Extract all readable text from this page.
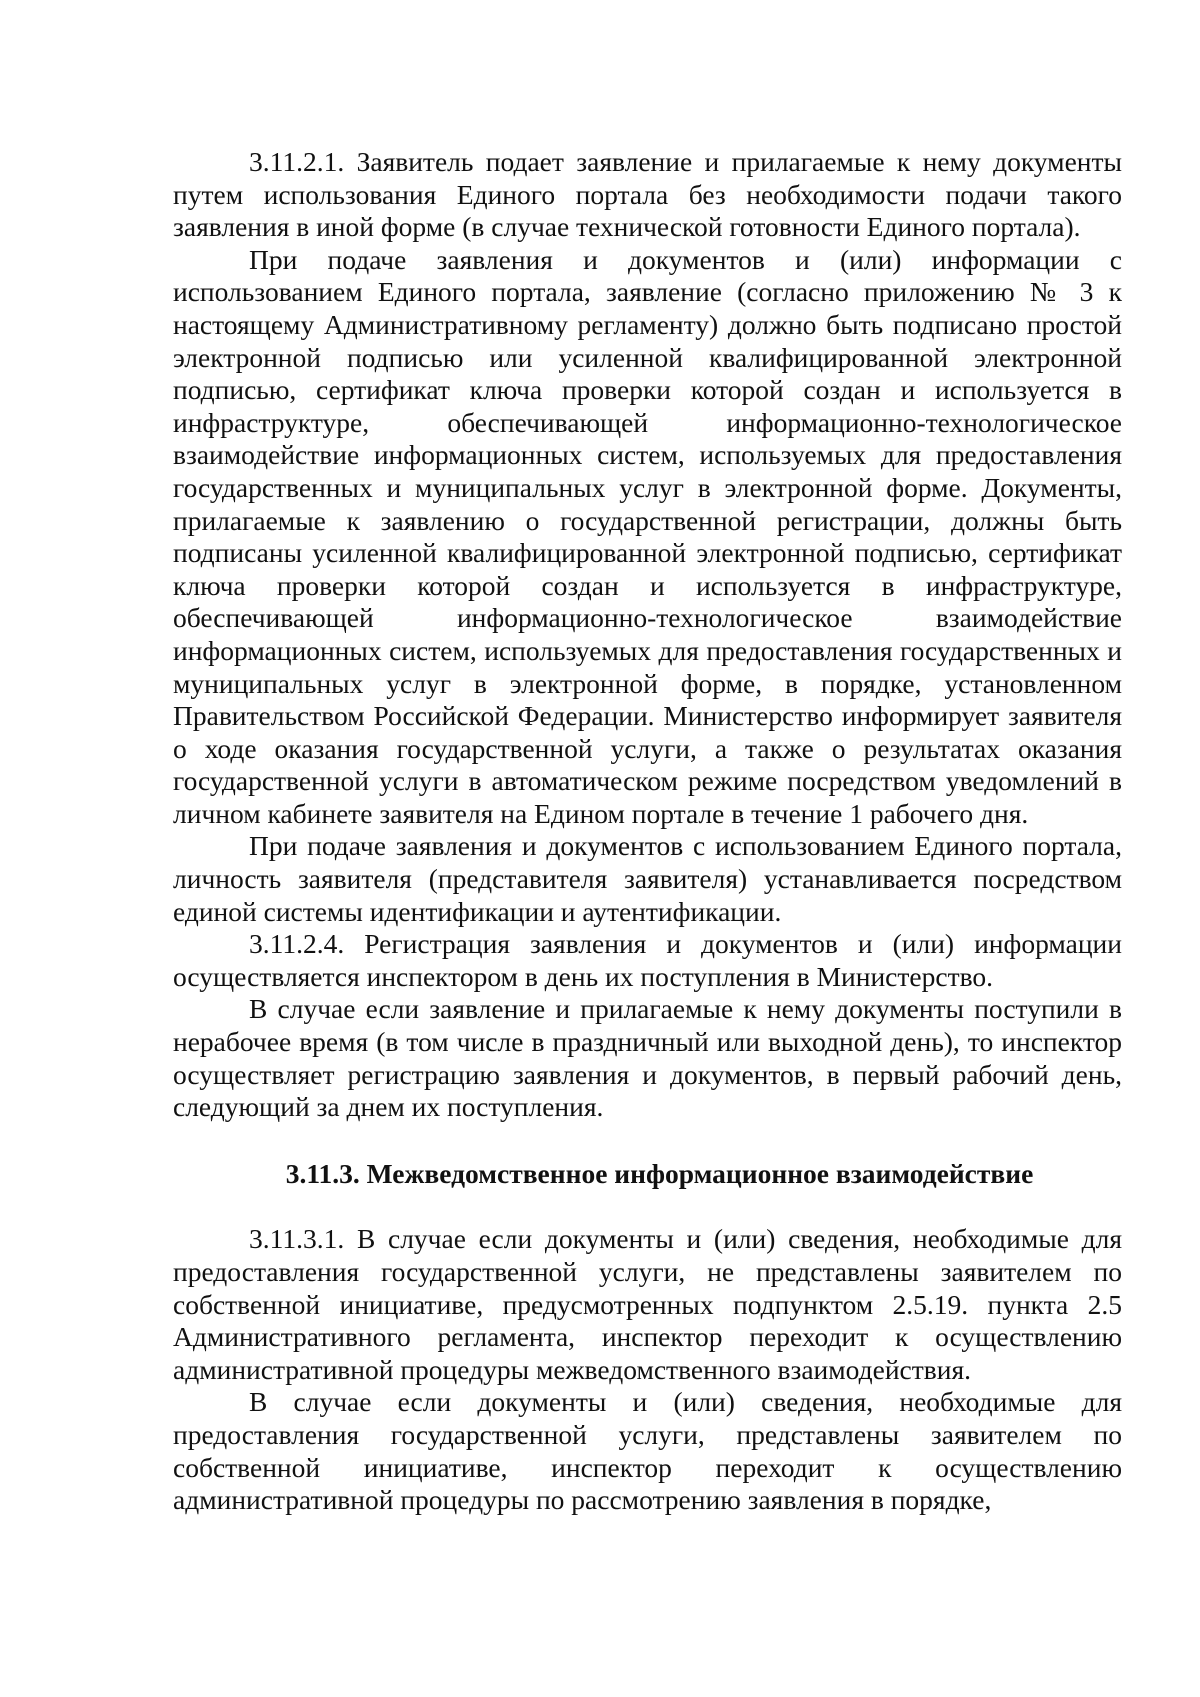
3.11.2.1. Заявитель подает заявление и прилагаемые к нему документы путем использования Единого портала без необходимости подачи такого заявления в иной форме (в случае технической готовности Единого портала).

При подаче заявления и документов и (или) информации с использованием Единого портала, заявление (согласно приложению № 3 к настоящему Административному регламенту) должно быть подписано простой электронной подписью или усиленной квалифицированной электронной подписью, сертификат ключа проверки которой создан и используется в инфраструктуре, обеспечивающей информационно-технологическое взаимодействие информационных систем, используемых для предоставления государственных и муниципальных услуг в электронной форме. Документы, прилагаемые к заявлению о государственной регистрации, должны быть подписаны усиленной квалифицированной электронной подписью, сертификат ключа проверки которой создан и используется в инфраструктуре, обеспечивающей информационно-технологическое взаимодействие информационных систем, используемых для предоставления государственных и муниципальных услуг в электронной форме, в порядке, установленном Правительством Российской Федерации. Министерство информирует заявителя о ходе оказания государственной услуги, а также о результатах оказания государственной услуги в автоматическом режиме посредством уведомлений в личном кабинете заявителя на Едином портале в течение 1 рабочего дня.

При подаче заявления и документов с использованием Единого портала, личность заявителя (представителя заявителя) устанавливается посредством единой системы идентификации и аутентификации.

3.11.2.4. Регистрация заявления и документов и (или) информации осуществляется инспектором в день их поступления в Министерство.

В случае если заявление и прилагаемые к нему документы поступили в нерабочее время (в том числе в праздничный или выходной день), то инспектор осуществляет регистрацию заявления и документов, в первый рабочий день, следующий за днем их поступления.

3.11.3. Межведомственное информационное взаимодействие

3.11.3.1. В случае если документы и (или) сведения, необходимые для предоставления государственной услуги, не представлены заявителем по собственной инициативе, предусмотренных подпунктом 2.5.19. пункта 2.5 Административного регламента, инспектор переходит к осуществлению административной процедуры межведомственного взаимодействия.

В случае если документы и (или) сведения, необходимые для предоставления государственной услуги, представлены заявителем по собственной инициативе, инспектор переходит к осуществлению административной процедуры по рассмотрению заявления в порядке,
